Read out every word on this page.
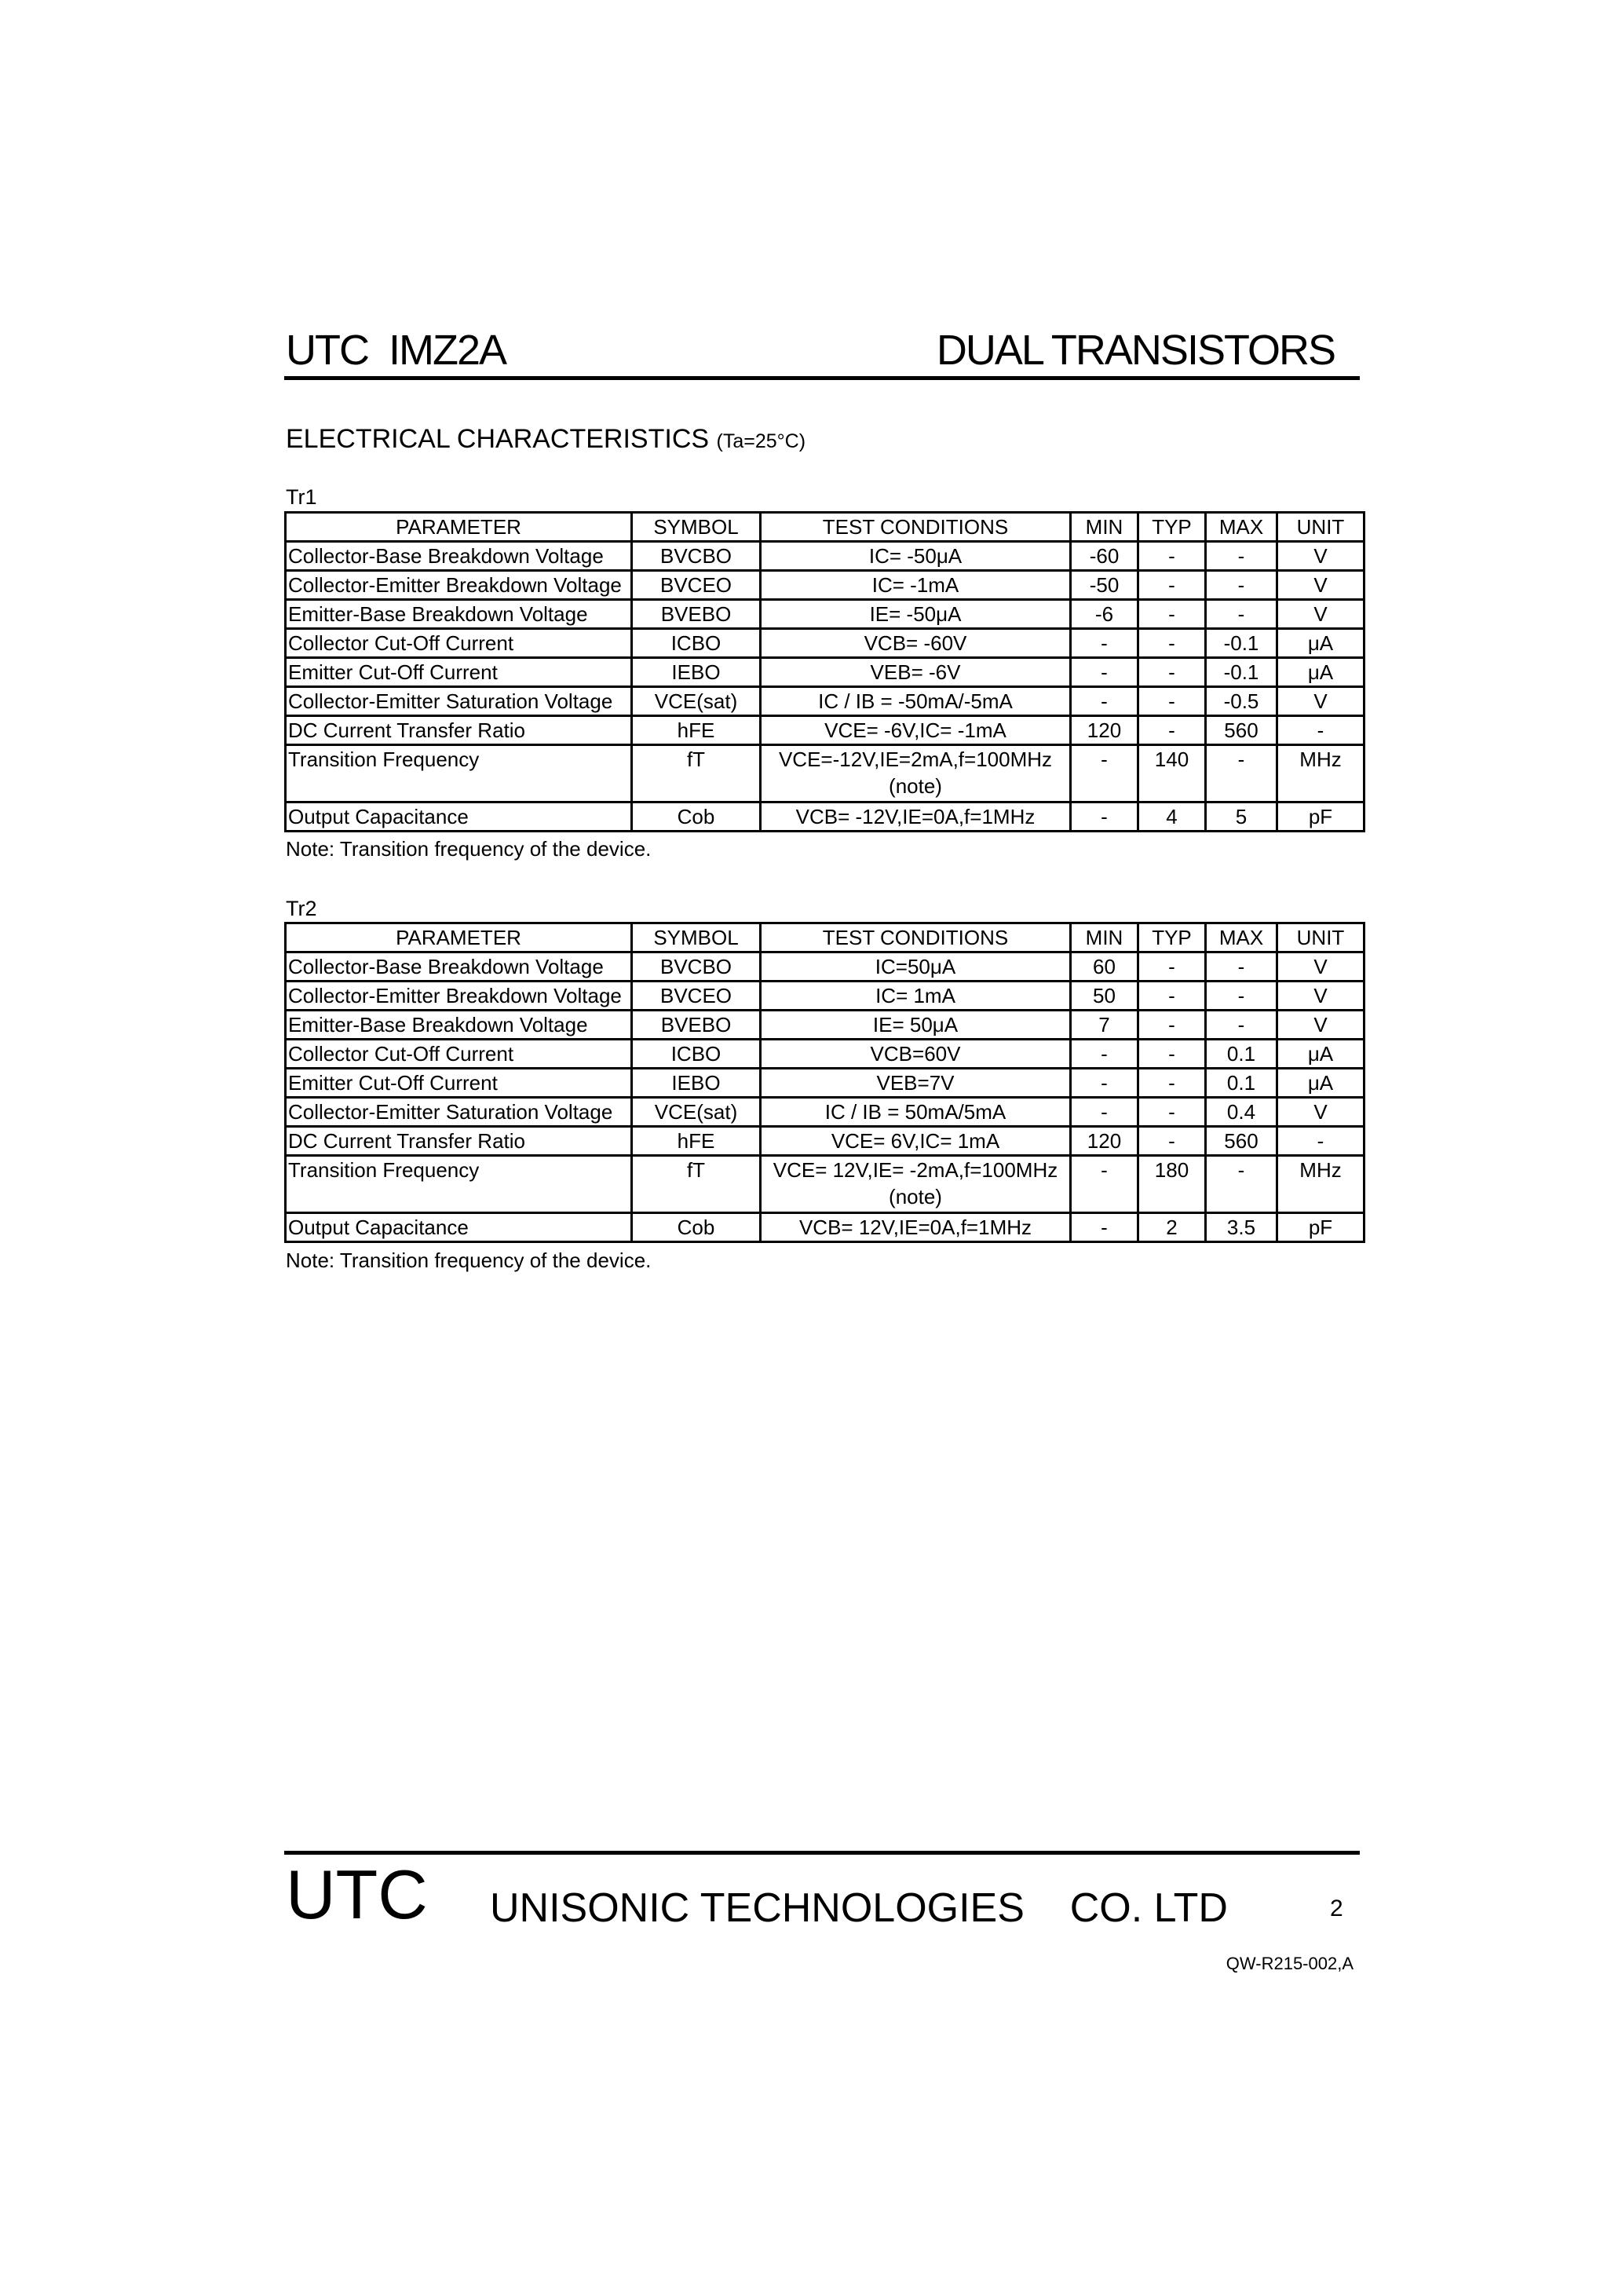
UTC  IMZ2A	DUAL TRANSISTORS
ELECTRICAL CHARACTERISTICS (Ta=25°C)
Tr1
PARAMETER	SYMBOL	TEST CONDITIONS	MIN	TYP	MAX	UNIT
Collector-Base Breakdown Voltage	BVCBO	IC= -50μA	-60	-	-	V
Collector-Emitter Breakdown Voltage	BVCEO	IC= -1mA	-50	-	-	V
Emitter-Base Breakdown Voltage	BVEBO	IE= -50μA	-6	-	-	V
Collector Cut-Off Current	ICBO	VCB= -60V	-	-	-0.1	μA
Emitter Cut-Off Current	IEBO	VEB= -6V	-	-	-0.1	μA
Collector-Emitter Saturation Voltage	VCE(sat)	IC / IB = -50mA/-5mA	-	-	-0.5	V
DC Current Transfer Ratio	hFE	VCE= -6V,IC= -1mA	120	-	560	-
Transition Frequency	fT	VCE=-12V,IE=2mA,f=100MHz (note)	-	140	-	MHz
Output Capacitance	Cob	VCB= -12V,IE=0A,f=1MHz	-	4	5	pF
Note: Transition frequency of the device.
Tr2
PARAMETER	SYMBOL	TEST CONDITIONS	MIN	TYP	MAX	UNIT
Collector-Base Breakdown Voltage	BVCBO	IC=50μA	60	-	-	V
Collector-Emitter Breakdown Voltage	BVCEO	IC= 1mA	50	-	-	V
Emitter-Base Breakdown Voltage	BVEBO	IE= 50μA	7	-	-	V
Collector Cut-Off Current	ICBO	VCB=60V	-	-	0.1	μA
Emitter Cut-Off Current	IEBO	VEB=7V	-	-	0.1	μA
Collector-Emitter Saturation Voltage	VCE(sat)	IC / IB = 50mA/5mA	-	-	0.4	V
DC Current Transfer Ratio	hFE	VCE= 6V,IC= 1mA	120	-	560	-
Transition Frequency	fT	VCE= 12V,IE= -2mA,f=100MHz (note)	-	180	-	MHz
Output Capacitance	Cob	VCB= 12V,IE=0A,f=1MHz	-	2	3.5	pF
Note: Transition frequency of the device.
UTC UNISONIC TECHNOLOGIES    CO. LTD	2
QW-R215-002,A
